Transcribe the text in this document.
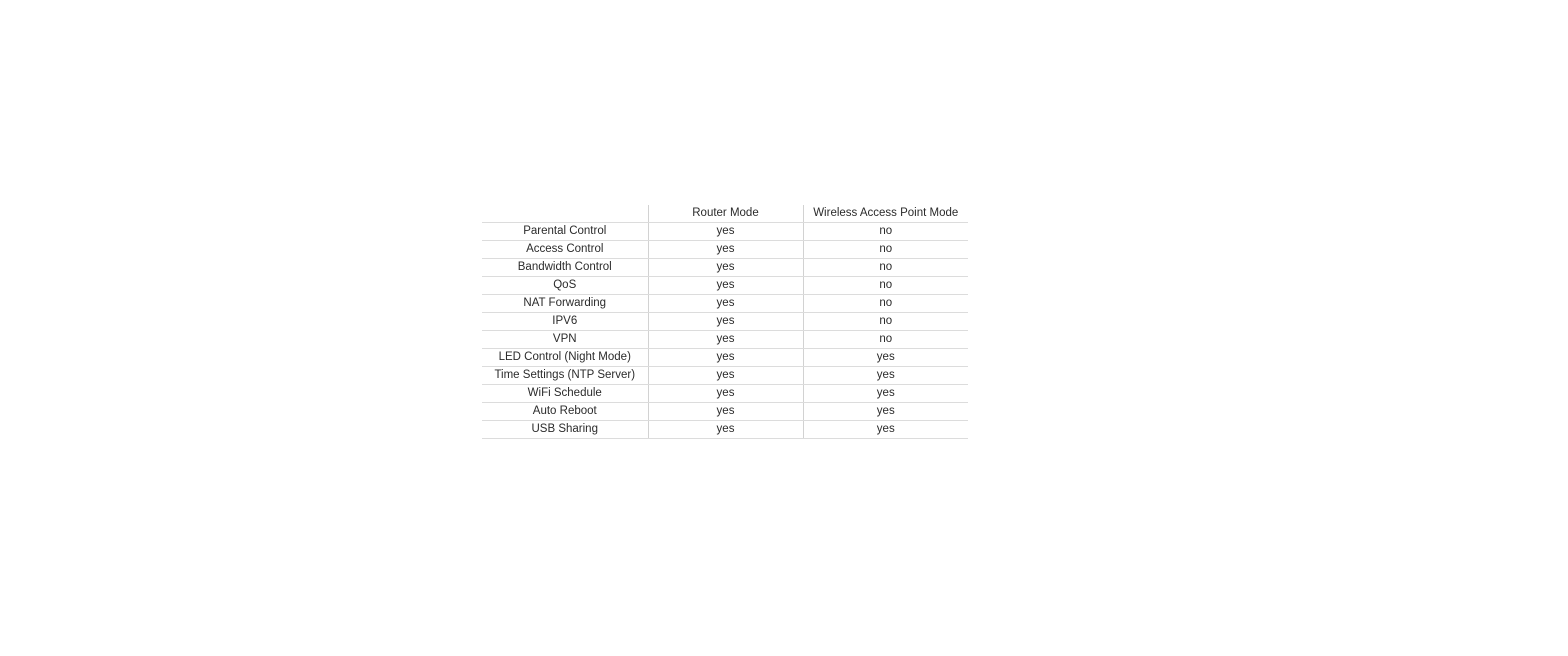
	Router Mode	Wireless Access Point Mode
Parental Control	yes	no
Access Control	yes	no
Bandwidth Control	yes	no
QoS	yes	no
NAT Forwarding	yes	no
IPV6	yes	no
VPN	yes	no
LED Control (Night Mode)	yes	yes
Time Settings (NTP Server)	yes	yes
WiFi Schedule	yes	yes
Auto Reboot	yes	yes
USB Sharing	yes	yes
